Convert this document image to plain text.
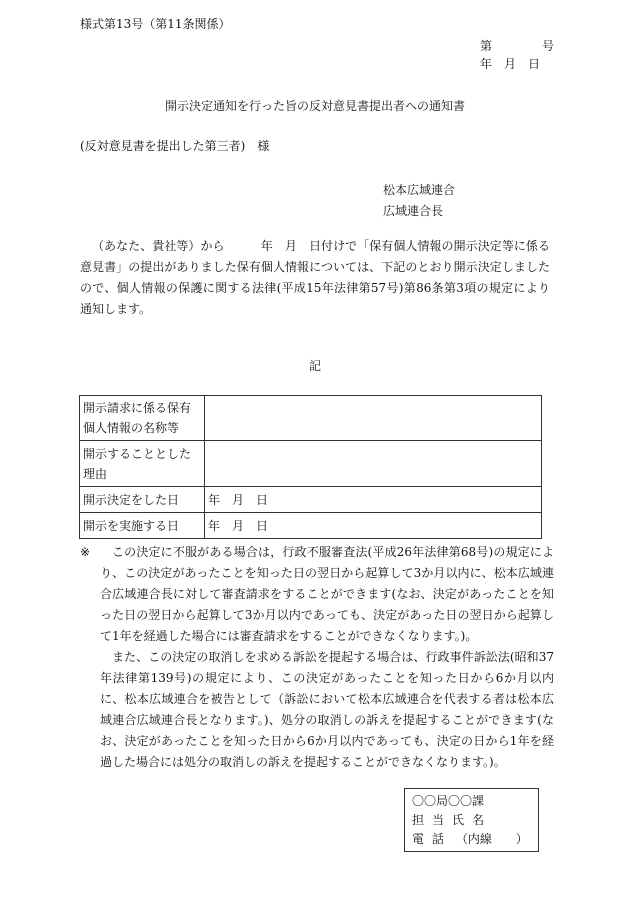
様式第13号（第11条関係）
第	号
年　月　日
開示決定通知を行った旨の反対意見書提出者への通知書
(反対意見書を提出した第三者)　様
松本広域連合
広域連合長
（あなた、貴社等）から　　　年　月　日付けで「保有個人情報の開示決定等に係る意見書」の提出がありました保有個人情報については、下記のとおり開示決定しましたので、個人情報の保護に関する法律(平成15年法律第57号)第86条第3項の規定により通知します。
記
開示請求に係る保有個人情報の名称等	
開示することとした理由	
開示決定をした日	年　月　日
開示を実施する日	年　月　日
※	この決定に不服がある場合は，行政不服審査法(平成26年法律第68号)の規定により、この決定があったことを知った日の翌日から起算して3か月以内に、松本広域連合広域連合長に対して審査請求をすることができます(なお、決定があったことを知った日の翌日から起算して3か月以内であっても、決定があった日の翌日から起算して1年を経過した場合には審査請求をすることができなくなります。)。
また、この決定の取消しを求める訴訟を提起する場合は、行政事件訴訟法(昭和37年法律第139号)の規定により、この決定があったことを知った日から6か月以内に、松本広域連合を被告として（訴訟において松本広域連合を代表する者は松本広域連合広域連合長となります。)、処分の取消しの訴えを提起することができます(なお、決定があったことを知った日から6か月以内であっても、決定の日から1年を経過した場合には処分の取消しの訴えを提起することができなくなります。)。
〇〇局〇〇課
担当氏名
電話 （内線　　）
